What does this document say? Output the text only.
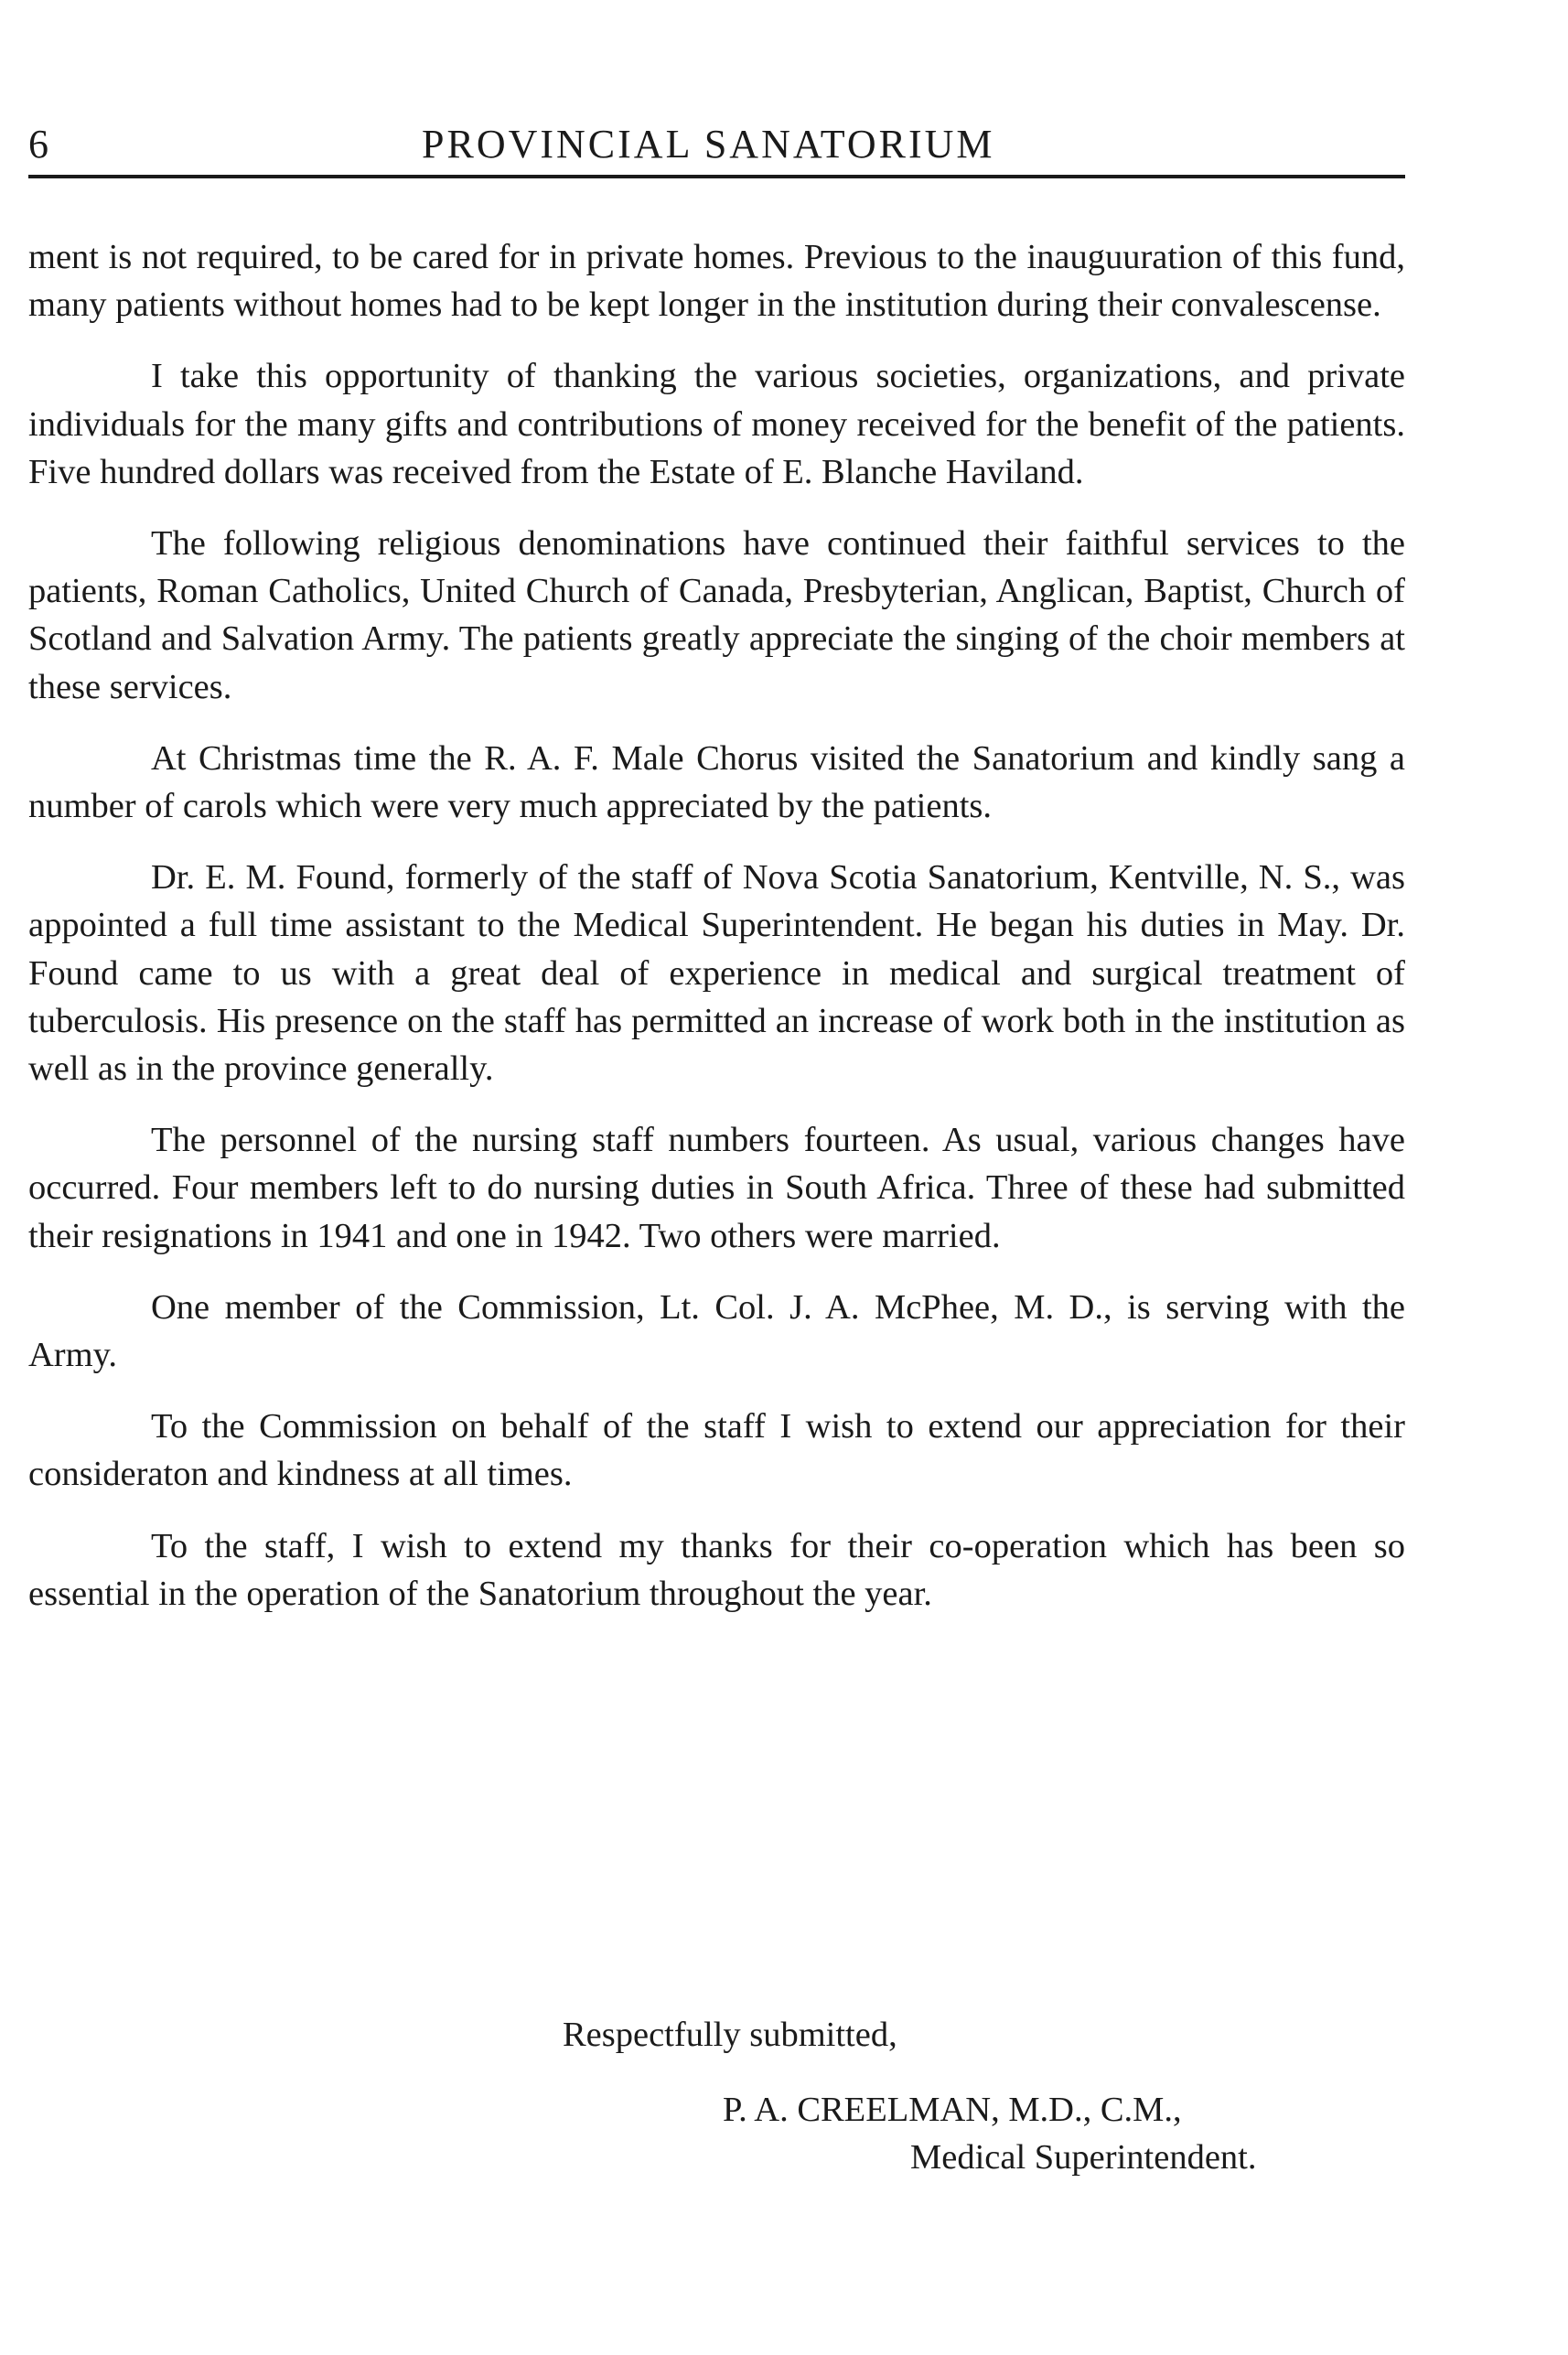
6	PROVINCIAL SANATORIUM

ment is not required, to be cared for in private homes. Previous to the inauguuration of this fund, many patients without homes had to be kept longer in the institution during their convalescense.

I take this opportunity of thanking the various societies, organizations, and private individuals for the many gifts and contributions of money received for the benefit of the patients. Five hundred dollars was received from the Estate of E. Blanche Haviland.

The following religious denominations have continued their faithful services to the patients, Roman Catholics, United Church of Canada, Presbyterian, Anglican, Baptist, Church of Scotland and Salvation Army. The patients greatly appreciate the singing of the choir members at these services.

At Christmas time the R. A. F. Male Chorus visited the Sanatorium and kindly sang a number of carols which were very much appreciated by the patients.

Dr. E. M. Found, formerly of the staff of Nova Scotia Sanatorium, Kentville, N. S., was appointed a full time assistant to the Medical Superintendent. He began his duties in May. Dr. Found came to us with a great deal of experience in medical and surgical treatment of tuberculosis. His presence on the staff has permitted an increase of work both in the institution as well as in the province generally.

The personnel of the nursing staff numbers fourteen. As usual, various changes have occurred. Four members left to do nursing duties in South Africa. Three of these had submitted their resignations in 1941 and one in 1942. Two others were married.

One member of the Commission, Lt. Col. J. A. McPhee, M. D., is serving with the Army.

To the Commission on behalf of the staff I wish to extend our appreciation for their consideraton and kindness at all times.

To the staff, I wish to extend my thanks for their co-operation which has been so essential in the operation of the Sanatorium throughout the year.

Respectfully submitted,
P. A. CREELMAN, M.D., C.M.,
Medical Superintendent.
